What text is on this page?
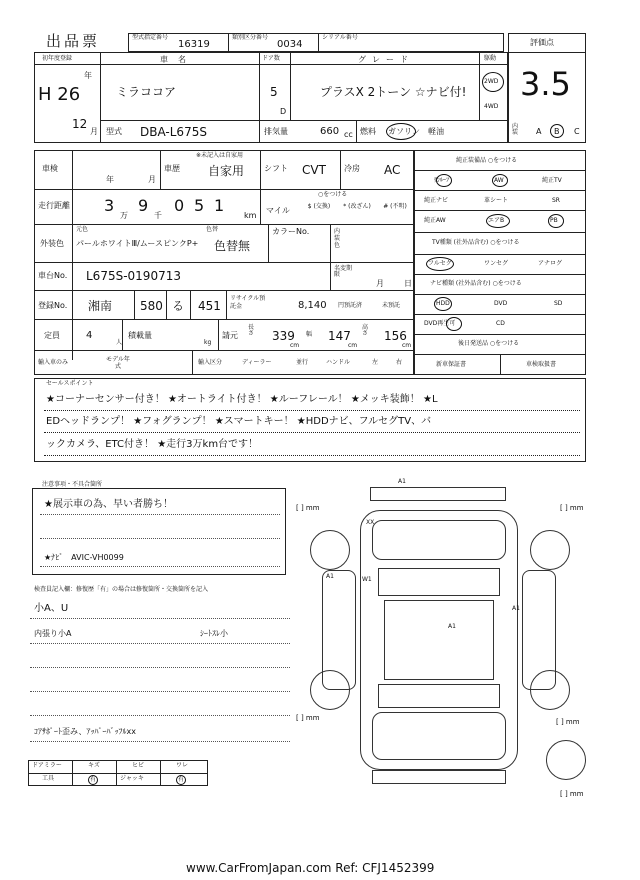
出品票	型式指定番号
16319
類別区分番号
0034
シリアル番号
評価点
3.5
初年度登録
年
H 26
12
月
車名
ミラココア
ドア数
5
D
グレード
プラスX 2トーン ☆ナビ付!
駆動
2WD
4WD
型式 DBA-L675S	排気量	660 cc 燃料 ガソリン 軽油
内装 A B C
車検
年	月
車歴
※未記入は自家用
自家用 シフト CVT 冷房 AC
走行距離 3
万
9
千
0 5 1
km
○をつける
マイル	$ (交換)	* (改ざん)	# (不明)
外装色
元色
パールホワイトⅢ/ムースピンクP+
色替
色替無
カラーNo.	内装色
車台No. L675S-0190713
名変期限
月	日
登録No. 湘南 580 る 451
リサイクル預託金	8,140 円預託済	未預託
定員	4
人
積載量
kg
請元
長さ 339
cm
幅 147
cm
高さ 156
cm
輸入車のみ	モデル年式
輸入区分	ディーラー	並行	ハンドル	左	右
純正装備品 ○をつける
ｻﾝﾙｰﾌ	AW	純正TV
純正ナビ	革シート	SR
純正AW	エアB	PB
TV種類 (社外品含む) ○をつける
フルセグ	ワンセグ	アナログ
ナビ種類 (社外品含む) ○をつける
HDD	DVD	SD
DVD再生可	CD
後日発送品 ○をつける
新車保証書	車検取扱書
セールスポイント
★コーナーセンサー付き！ ★オートライト付き！ ★ルーフレール！ ★メッキ装飾！ ★L
EDヘッドランプ！ ★フォグランプ！ ★スマートキー！ ★HDDナビ、フルセグTV、バ
ックカメラ、ETC付き！ ★走行3万km台です！
注意事項・不具合箇所
★展示車の為、早い者勝ち！
★ﾅﾋﾞ　AVIC-VH0099
検査員記入欄：修復歴「有」の場合は修復箇所・交換箇所を記入
小A、U
内張り小A	ｼｰﾄｽﾚ小
ｺｱｻﾎﾟｰﾄ歪み、ｱｯﾊﾟｰﾊﾞｯﾌﾙxx
ドアミラー	キズ	ヒビ	ワレ
工具	有	ジャッキ	有
A1
XX
A1	W1
A1
A1
[ ] mm	[ ] mm
[ ] mm	[ ] mm
[ ] mm
www.CarFromJapan.com Ref: CFJ1452399
